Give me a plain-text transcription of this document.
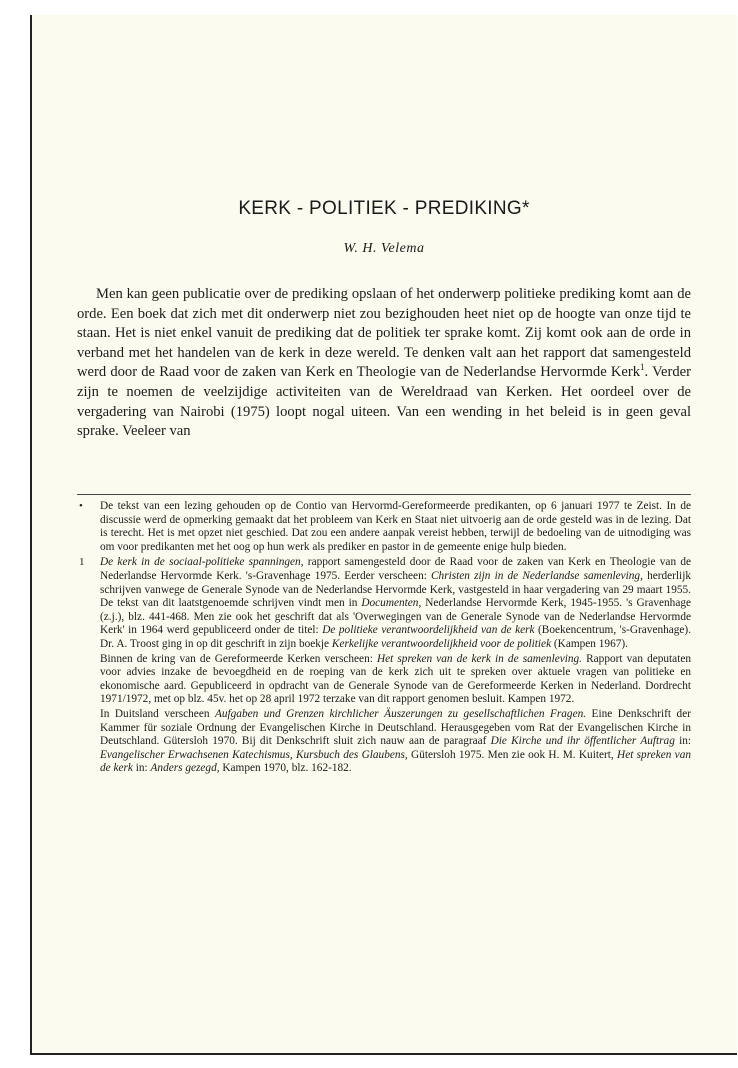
KERK - POLITIEK - PREDIKING*
W. H. Velema

Men kan geen publicatie over de prediking opslaan of het onderwerp politieke prediking komt aan de orde. Een boek dat zich met dit onderwerp niet zou bezighouden heet niet op de hoogte van onze tijd te staan. Het is niet enkel vanuit de prediking dat de politiek ter sprake komt. Zij komt ook aan de orde in verband met het handelen van de kerk in deze wereld. Te denken valt aan het rapport dat samengesteld werd door de Raad voor de zaken van Kerk en Theologie van de Nederlandse Hervormde Kerk$^1$. Verder zijn te noemen de veelzijdige activiteiten van de Wereldraad van Kerken. Het oordeel over de vergadering van Nairobi (1975) loopt nogal uiteen. Van een wending in het beleid is in geen geval sprake. Veeleer van

• De tekst van een lezing gehouden op de Contio van Hervormd-Gereformeerde predikanten, op 6 januari 1977 te Zeist. In de discussie werd de opmerking gemaakt dat het probleem van Kerk en Staat niet uitvoerig aan de orde gesteld was in de lezing. Dat is terecht. Het is met opzet niet geschied. Dat zou een andere aanpak vereist hebben, terwijl de bedoeling van de uitnodiging was om voor predikanten met het oog op hun werk als prediker en pastor in de gemeente enige hulp bieden.

1 De kerk in de sociaal-politieke spanningen, rapport samengesteld door de Raad voor de zaken van Kerk en Theologie van de Nederlandse Hervormde Kerk. 's-Gravenhage 1975. Eerder verscheen: Christen zijn in de Nederlandse samenleving, herderlijk schrijven vanwege de Generale Synode van de Nederlandse Hervormde Kerk, vastgesteld in haar vergadering van 29 maart 1955. De tekst van dit laatstgenoemde schrijven vindt men in Documenten, Nederlandse Hervormde Kerk, 1945-1955. 's Gravenhage (z.j.), blz. 441-468. Men zie ook het geschrift dat als 'Overwegingen van de Generale Synode van de Nederlandse Hervormde Kerk' in 1964 werd gepubliceerd onder de titel: De politieke verantwoordelijkheid van de kerk (Boekencentrum, 's-Gravenhage). Dr. A. Troost ging in op dit geschrift in zijn boekje Kerkelijke verantwoordelijkheid voor de politiek (Kampen 1967).

Binnen de kring van de Gereformeerde Kerken verscheen: Het spreken van de kerk in de samenleving. Rapport van deputaten voor advies inzake de bevoegdheid en de roeping van de kerk zich uit te spreken over aktuele vragen van politieke en ekonomische aard. Gepubliceerd in opdracht van de Generale Synode van de Gereformeerde Kerken in Nederland. Dordrecht 1971/1972, met op blz. 45v. het op 28 april 1972 terzake van dit rapport genomen besluit. Kampen 1972.

In Duitsland verscheen Aufgaben und Grenzen kirchlicher Äuszerungen zu gesellschaftlichen Fragen. Eine Denkschrift der Kammer für soziale Ordnung der Evangelischen Kirche in Deutschland. Herausgegeben vom Rat der Evangelischen Kirche in Deutschland. Gütersloh 1970. Bij dit Denkschrift sluit zich nauw aan de paragraaf Die Kirche und ihr öffentlicher Auftrag in: Evangelischer Erwachsenen Katechismus, Kursbuch des Glaubens, Gütersloh 1975. Men zie ook H. M. Kuitert, Het spreken van de kerk in: Anders gezegd, Kampen 1970, blz. 162-182.
